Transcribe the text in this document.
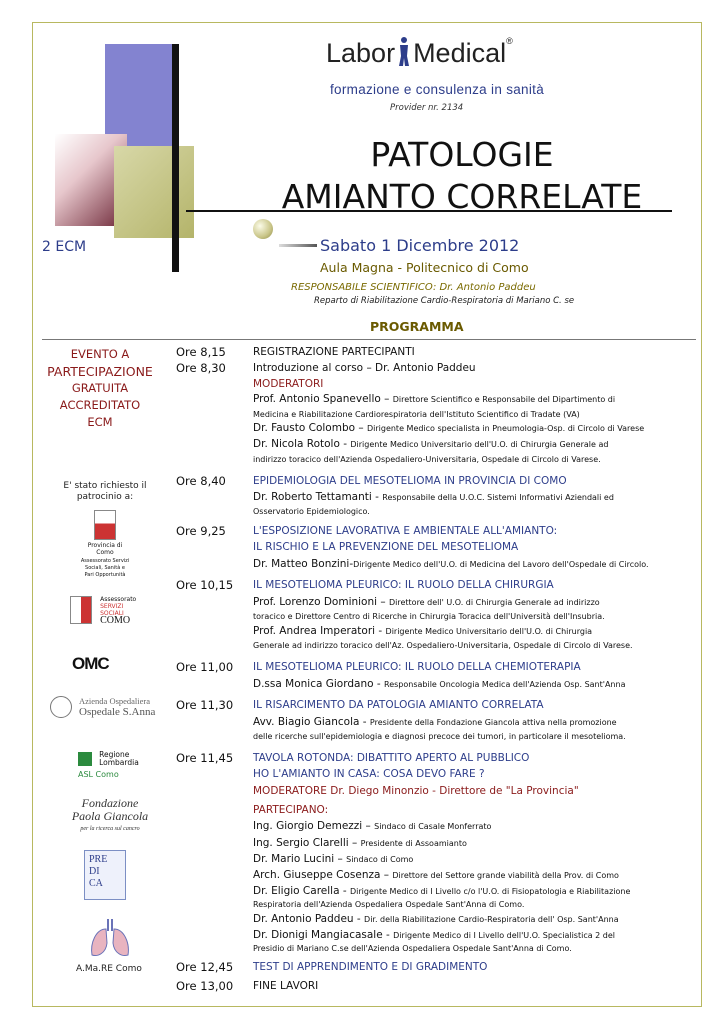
Labor Medical®
formazione e consulenza in sanità
Provider nr. 2134
PATOLOGIE
AMIANTO CORRELATE
2 ECM	Sabato 1 Dicembre 2012
Aula Magna - Politecnico di Como
RESPONSABILE SCIENTIFICO: Dr. Antonio Paddeu
Reparto di Riabilitazione Cardio-Respiratoria di Mariano C. se
PROGRAMMA
EVENTO A
PARTECIPAZIONE
GRATUITA
ACCREDITATO
ECM
E' stato richiesto il
patrocinio a:
Provincia di Como
Assessorato Servizi Sociali, Sanità e Pari Opportunità
Assessorato
SERVIZI
SOCIALI
COMO
OMC
Azienda Ospedaliera
Ospedale S.Anna
Regione
Lombardia
ASL Como
Fondazione
Paola Giancola
per la ricerca sul cancro
PRE
DI
CA
A.Ma.RE Como
Ore 8,15
Ore 8,30
Ore 8,40
Ore 9,25
Ore 10,15
Ore 11,00
Ore 11,30
Ore 11,45
Ore 12,45
Ore 13,00
REGISTRAZIONE PARTECIPANTI
Introduzione al corso – Dr. Antonio Paddeu
MODERATORI
Prof. Antonio Spanevello – Direttore Scientifico e Responsabile del Dipartimento di
Medicina e Riabilitazione Cardiorespiratoria dell'Istituto Scientifico di Tradate (VA)
Dr. Fausto Colombo – Dirigente Medico specialista in Pneumologia-Osp. di Circolo di Varese
Dr. Nicola Rotolo - Dirigente Medico Universitario dell'U.O. di Chirurgia Generale ad
indirizzo toracico dell'Azienda Ospedaliero-Universitaria, Ospedale di Circolo di Varese.
EPIDEMIOLOGIA DEL MESOTELIOMA IN PROVINCIA DI COMO
Dr. Roberto Tettamanti - Responsabile della U.O.C. Sistemi Informativi Aziendali ed
Osservatorio Epidemiologico.
L'ESPOSIZIONE LAVORATIVA E AMBIENTALE ALL'AMIANTO:
IL RISCHIO E LA PREVENZIONE DEL MESOTELIOMA
Dr. Matteo Bonzini-Dirigente Medico dell'U.O. di Medicina del Lavoro dell'Ospedale di Circolo.
IL MESOTELIOMA PLEURICO: IL RUOLO DELLA CHIRURGIA
Prof. Lorenzo Dominioni – Direttore dell' U.O. di Chirurgia Generale ad indirizzo
toracico e Direttore Centro di Ricerche in Chirurgia Toracica dell'Università dell'Insubria.
Prof. Andrea Imperatori - Dirigente Medico Universitario dell'U.O. di Chirurgia
Generale ad indirizzo toracico dell'Az. Ospedaliero-Universitaria, Ospedale di Circolo di Varese.
IL MESOTELIOMA PLEURICO: IL RUOLO DELLA CHEMIOTERAPIA
D.ssa Monica Giordano - Responsabile Oncologia Medica dell'Azienda Osp. Sant'Anna
IL RISARCIMENTO DA PATOLOGIA AMIANTO CORRELATA
Avv. Biagio Giancola - Presidente della Fondazione Giancola attiva nella promozione
delle ricerche sull'epidemiologia e diagnosi precoce dei tumori, in particolare il mesotelioma.
TAVOLA ROTONDA: DIBATTITO APERTO AL PUBBLICO
HO L'AMIANTO IN CASA: COSA DEVO FARE ?
MODERATORE Dr. Diego Minonzio - Direttore de "La Provincia"
PARTECIPANO:
Ing. Giorgio Demezzi – Sindaco di Casale Monferrato
Ing. Sergio Clarelli – Presidente di Assoamianto
Dr. Mario Lucini – Sindaco di Como
Arch. Giuseppe Cosenza – Direttore del Settore grande viabilità della Prov. di Como
Dr. Eligio Carella - Dirigente Medico di I Livello c/o l'U.O. di Fisiopatologia e Riabilitazione
Respiratoria dell'Azienda Ospedaliera Ospedale Sant'Anna di Como.
Dr. Antonio Paddeu - Dir. della Riabilitazione Cardio-Respiratoria dell' Osp. Sant'Anna
Dr. Dionigi Mangiacasale - Dirigente Medico di I Livello dell'U.O. Specialistica 2 del
Presidio di Mariano C.se dell'Azienda Ospedaliera Ospedale Sant'Anna di Como.
TEST DI APPRENDIMENTO E DI GRADIMENTO
FINE LAVORI
